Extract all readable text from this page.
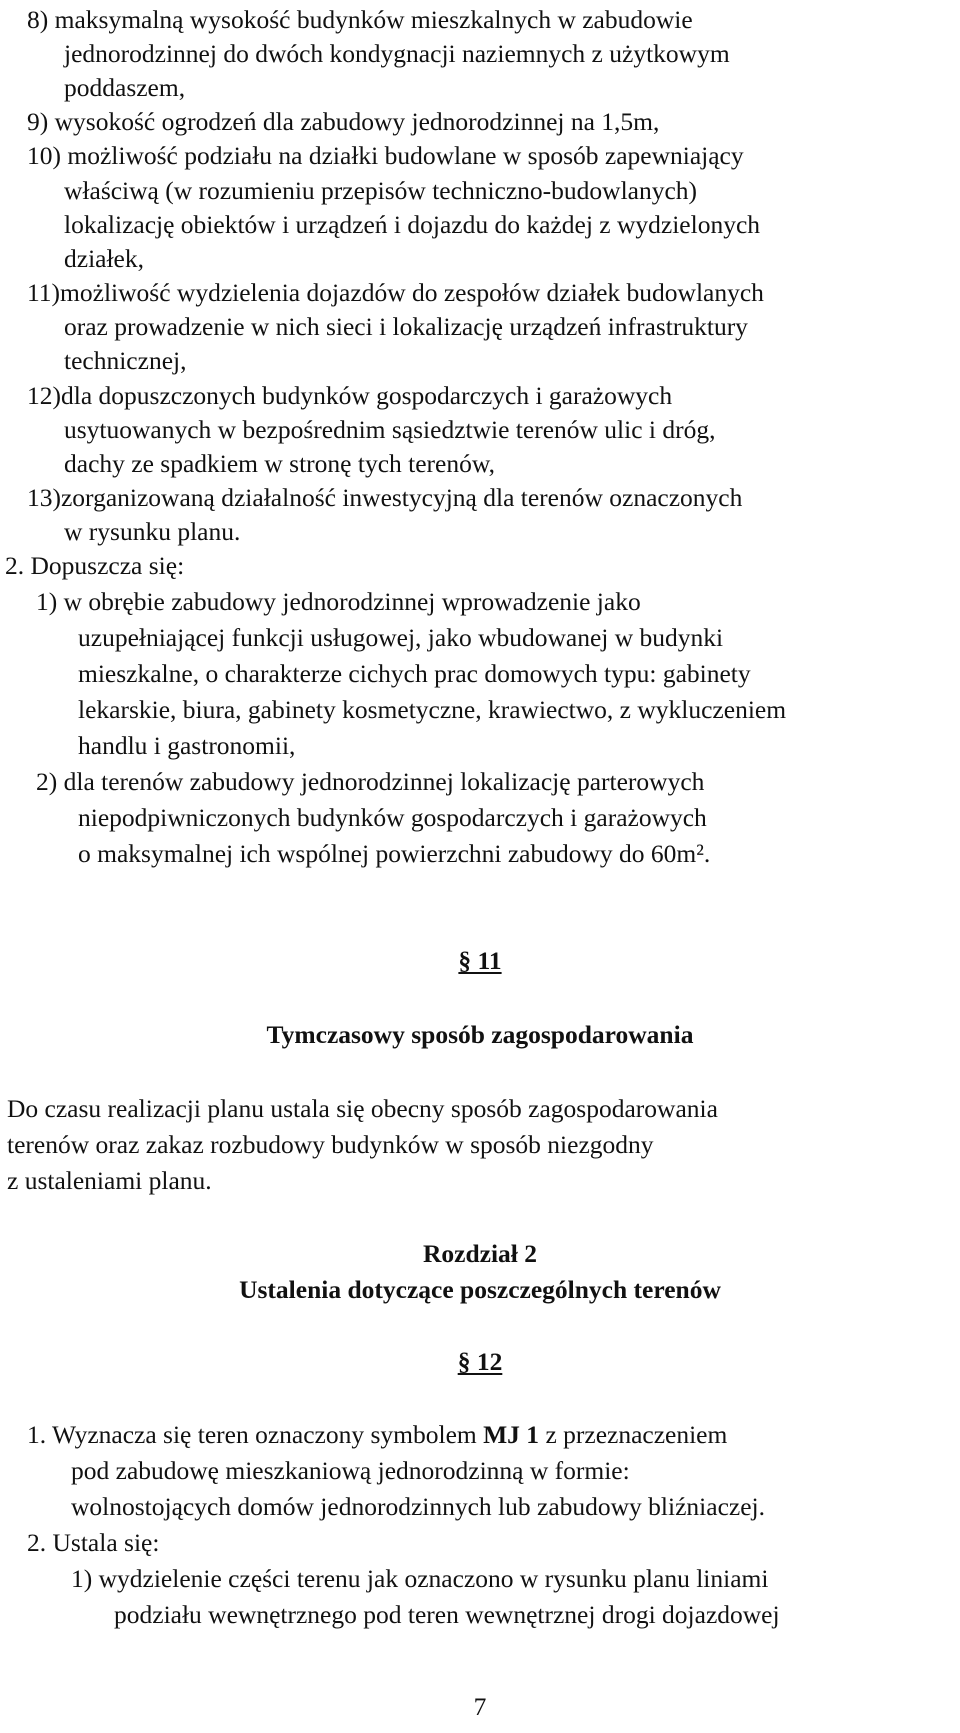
8) maksymalną wysokość budynków mieszkalnych w zabudowie
jednorodzinnej do dwóch kondygnacji naziemnych z użytkowym
poddaszem,
9) wysokość ogrodzeń dla zabudowy jednorodzinnej na 1,5m,
10) możliwość podziału na działki budowlane w sposób zapewniający
właściwą (w rozumieniu przepisów techniczno-budowlanych)
lokalizację obiektów i urządzeń i dojazdu do każdej z wydzielonych
działek,
11)możliwość wydzielenia dojazdów do zespołów działek budowlanych
oraz prowadzenie w nich sieci i lokalizację urządzeń infrastruktury
technicznej,
12)dla dopuszczonych budynków gospodarczych i garażowych
usytuowanych w bezpośrednim sąsiedztwie terenów ulic i dróg,
dachy ze spadkiem w stronę tych terenów,
13)zorganizowaną działalność inwestycyjną dla terenów oznaczonych
w rysunku planu.
2. Dopuszcza się:
1) w obrębie zabudowy jednorodzinnej wprowadzenie jako
uzupełniającej funkcji usługowej, jako wbudowanej w budynki
mieszkalne, o charakterze cichych prac domowych typu: gabinety
lekarskie, biura, gabinety kosmetyczne, krawiectwo, z wykluczeniem
handlu i gastronomii,
2) dla terenów zabudowy jednorodzinnej lokalizację parterowych
niepodpiwniczonych budynków gospodarczych i garażowych
o maksymalnej ich wspólnej powierzchni zabudowy do 60m².
§ 11
Tymczasowy sposób zagospodarowania
Do czasu realizacji planu ustala się obecny sposób zagospodarowania
terenów oraz zakaz rozbudowy budynków w sposób niezgodny
z ustaleniami planu.
Rozdział 2
Ustalenia dotyczące poszczególnych terenów
§ 12
1. Wyznacza się teren oznaczony symbolem MJ 1 z przeznaczeniem
pod zabudowę mieszkaniową jednorodzinną w formie:
wolnostojących domów jednorodzinnych lub zabudowy bliźniaczej.
2. Ustala się:
1) wydzielenie części terenu jak oznaczono w rysunku planu liniami
podziału wewnętrznego pod teren wewnętrznej drogi dojazdowej
7
